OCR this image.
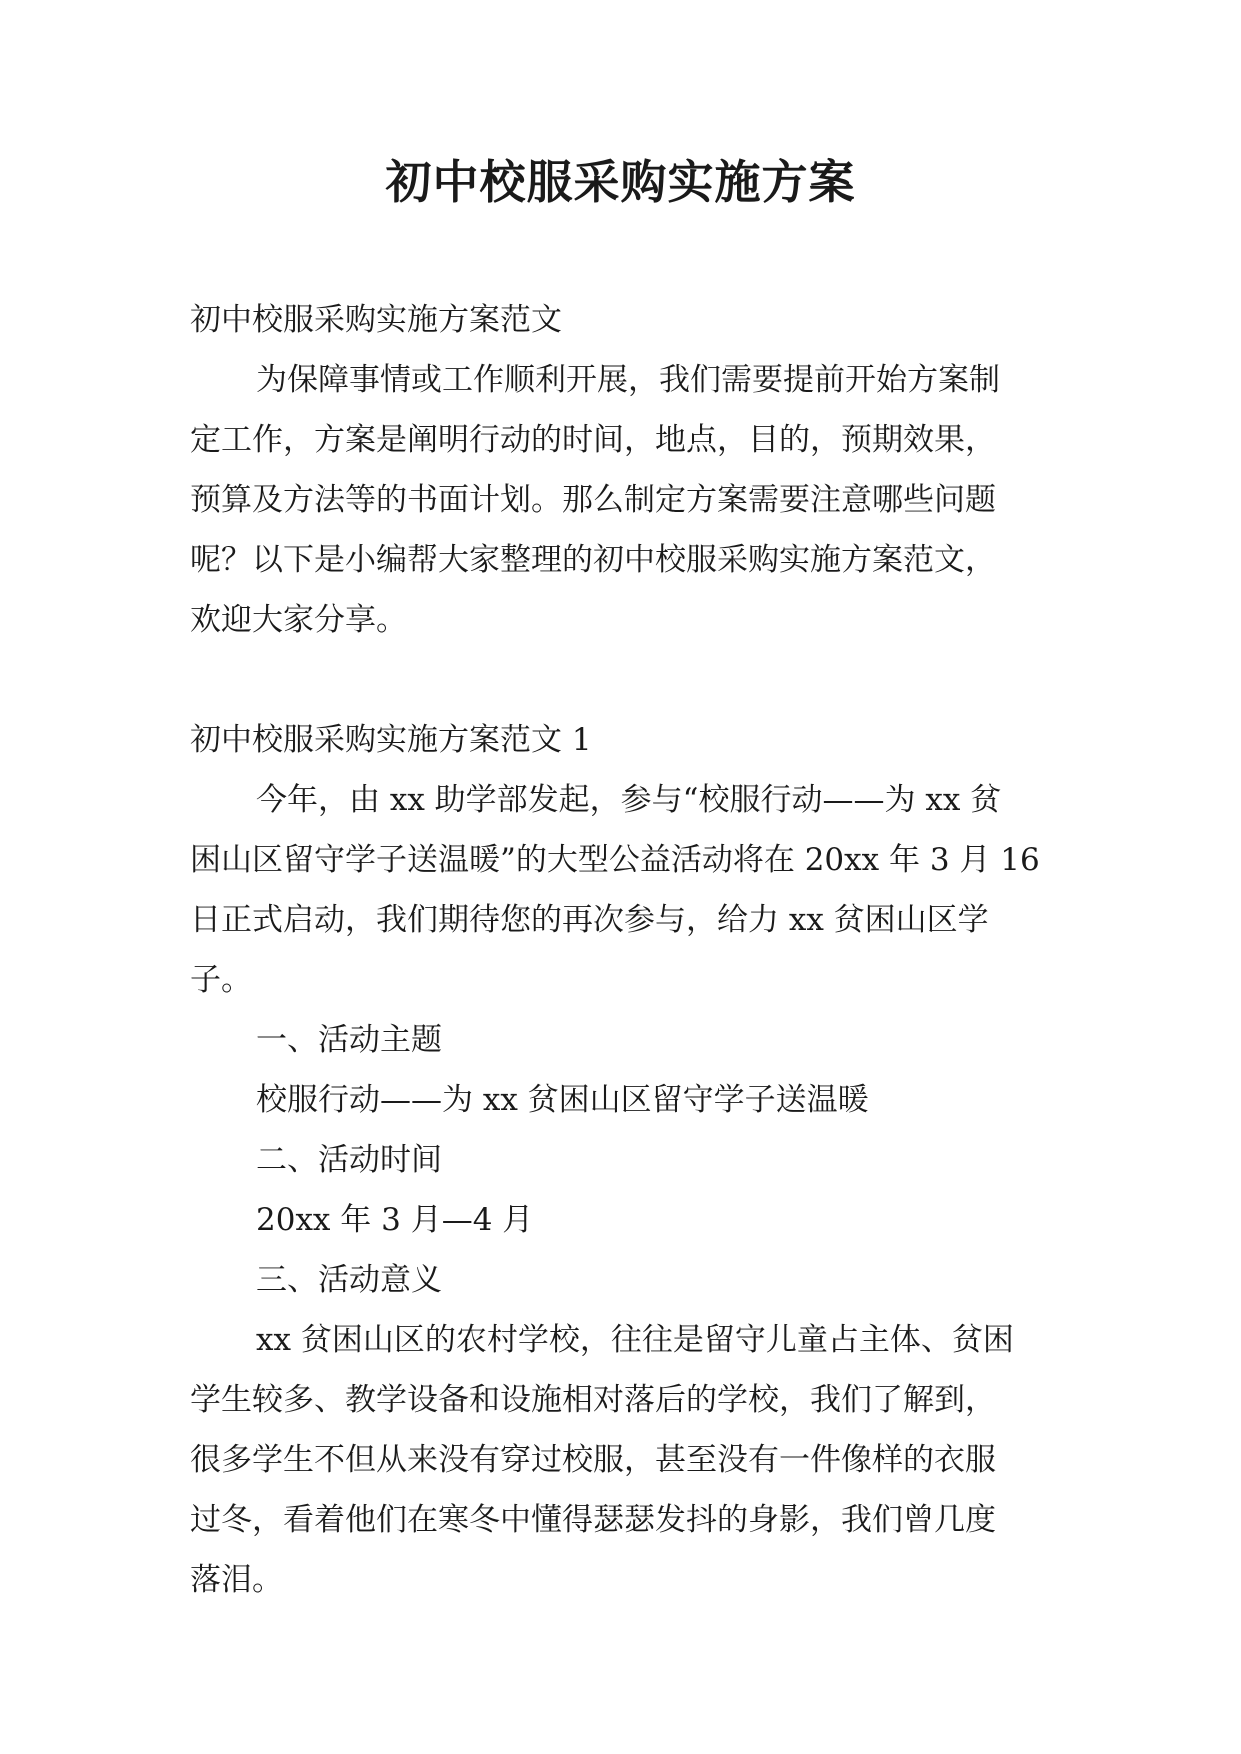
初中校服采购实施方案

初中校服采购实施方案范文

为保障事情或工作顺利开展，我们需要提前开始方案制
定工作，方案是阐明行动的时间，地点，目的，预期效果，
预算及方法等的书面计划。那么制定方案需要注意哪些问题
呢？以下是小编帮大家整理的初中校服采购实施方案范文，
欢迎大家分享。

初中校服采购实施方案范文 1

今年，由 xx 助学部发起，参与“校服行动——为 xx 贫
困山区留守学子送温暖”的大型公益活动将在 20xx 年 3 月 16
日正式启动，我们期待您的再次参与，给力 xx 贫困山区学
子。

一、活动主题

校服行动——为 xx 贫困山区留守学子送温暖

二、活动时间

20xx 年 3 月—4 月

三、活动意义

xx 贫困山区的农村学校，往往是留守儿童占主体、贫困
学生较多、教学设备和设施相对落后的学校，我们了解到，
很多学生不但从来没有穿过校服，甚至没有一件像样的衣服
过冬，看着他们在寒冬中懂得瑟瑟发抖的身影，我们曾几度
落泪。
